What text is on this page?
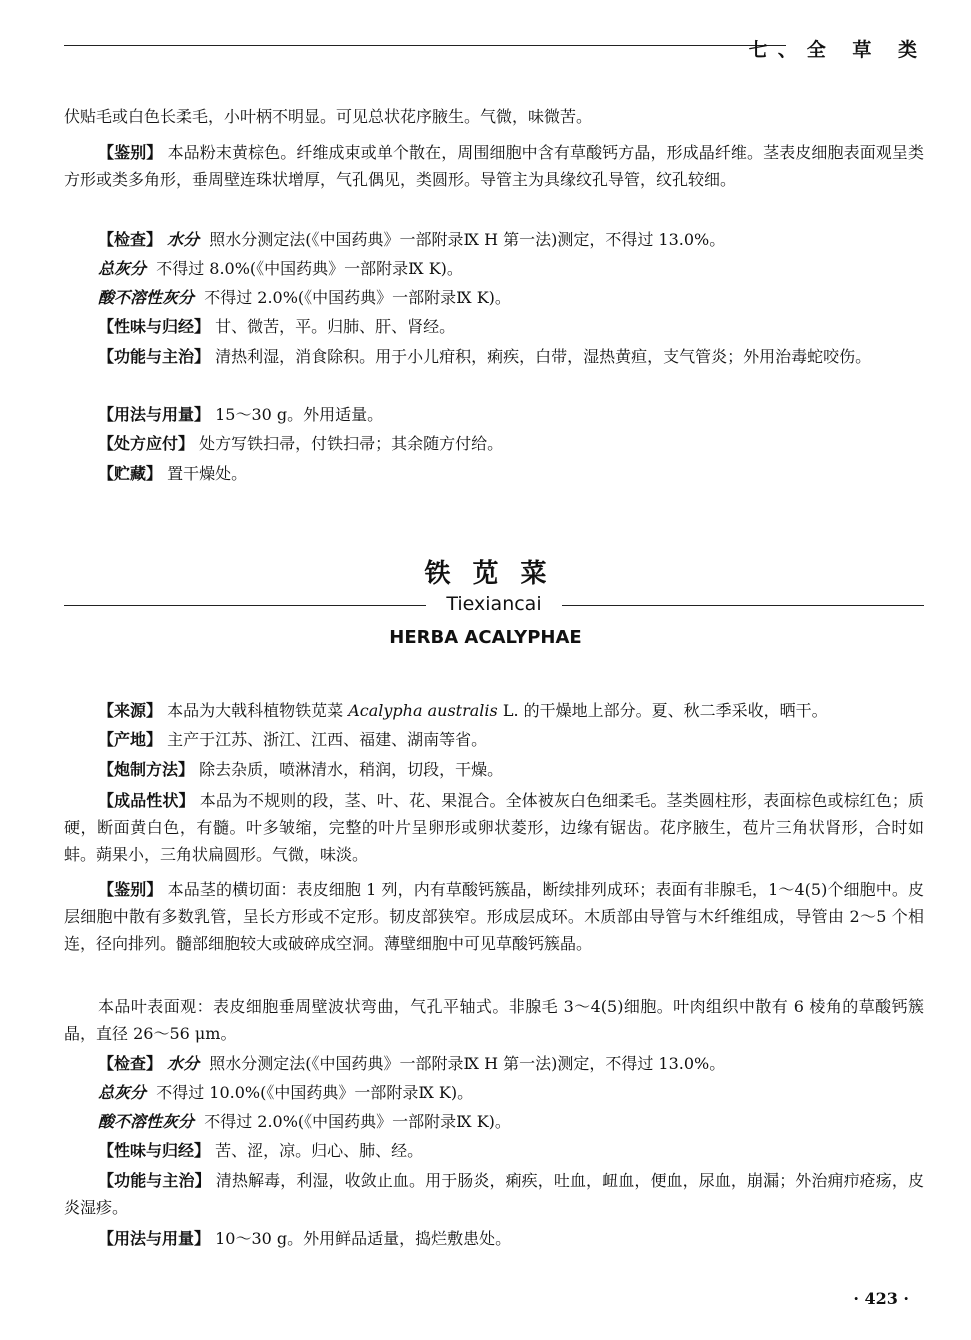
七、全 草 类
伏贴毛或白色长柔毛，小叶柄不明显。可见总状花序腋生。气微，味微苦。
【鉴别】 本品粉末黄棕色。纤维成束或单个散在，周围细胞中含有草酸钙方晶，形成晶纤维。茎表皮细胞表面观呈类方形或类多角形，垂周壁连珠状增厚，气孔偶见，类圆形。导管主为具缘纹孔导管，纹孔较细。
【检查】 水分 照水分测定法(《中国药典》一部附录Ⅸ H 第一法)测定，不得过 13.0%。
总灰分 不得过 8.0%(《中国药典》一部附录Ⅸ K)。
酸不溶性灰分 不得过 2.0%(《中国药典》一部附录Ⅸ K)。
【性味与归经】 甘、微苦，平。归肺、肝、肾经。
【功能与主治】 清热利湿，消食除积。用于小儿疳积，痢疾，白带，湿热黄疸，支气管炎；外用治毒蛇咬伤。
【用法与用量】 15～30 g。外用适量。
【处方应付】 处方写铁扫帚，付铁扫帚；其余随方付给。
【贮藏】 置干燥处。
铁苋菜
Tiexiancai
HERBA ACALYPHAE
【来源】 本品为大戟科植物铁苋菜 Acalypha australis L. 的干燥地上部分。夏、秋二季采收，晒干。
【产地】 主产于江苏、浙江、江西、福建、湖南等省。
【炮制方法】 除去杂质，喷淋清水，稍润，切段，干燥。
【成品性状】 本品为不规则的段，茎、叶、花、果混合。全体被灰白色细柔毛。茎类圆柱形，表面棕色或棕红色；质硬，断面黄白色，有髓。叶多皱缩，完整的叶片呈卵形或卵状菱形，边缘有锯齿。花序腋生，苞片三角状肾形，合时如蚌。蒴果小，三角状扁圆形。气微，味淡。
【鉴别】 本品茎的横切面：表皮细胞 1 列，内有草酸钙簇晶，断续排列成环；表面有非腺毛，1～4(5)个细胞中。皮层细胞中散有多数乳管，呈长方形或不定形。韧皮部狭窄。形成层成环。木质部由导管与木纤维组成，导管由 2～5 个相连，径向排列。髓部细胞较大或破碎成空洞。薄壁细胞中可见草酸钙簇晶。
本品叶表面观：表皮细胞垂周壁波状弯曲，气孔平轴式。非腺毛 3～4(5)细胞。叶肉组织中散有 6 棱角的草酸钙簇晶，直径 26～56 μm。
【检查】 水分 照水分测定法(《中国药典》一部附录Ⅸ H 第一法)测定，不得过 13.0%。
总灰分 不得过 10.0%(《中国药典》一部附录Ⅸ K)。
酸不溶性灰分 不得过 2.0%(《中国药典》一部附录Ⅸ K)。
【性味与归经】 苦、涩，凉。归心、肺、经。
【功能与主治】 清热解毒，利湿，收敛止血。用于肠炎，痢疾，吐血，衄血，便血，尿血，崩漏；外治痈疖疮疡，皮炎湿疹。
【用法与用量】 10～30 g。外用鲜品适量，捣烂敷患处。
· 423 ·
